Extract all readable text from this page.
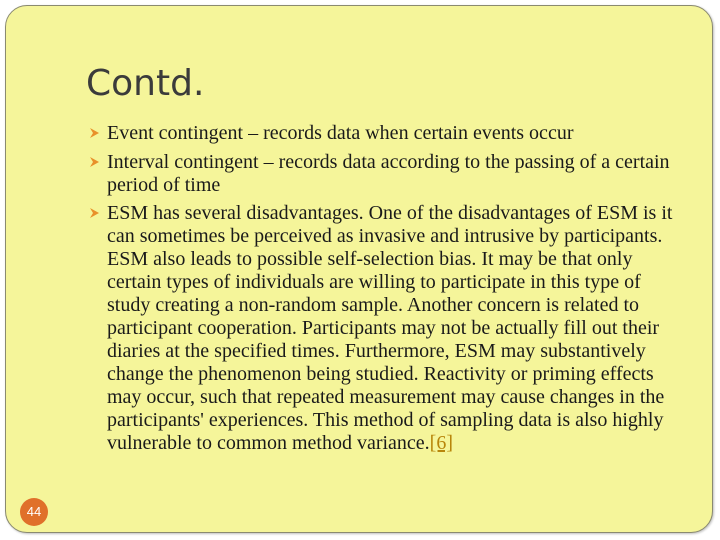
Contd.
Event contingent – records data when certain events occur
Interval contingent – records data according to the passing of a certain period of time
ESM has several disadvantages. One of the disadvantages of ESM is it can sometimes be perceived as invasive and intrusive by participants. ESM also leads to possible self-selection bias. It may be that only certain types of individuals are willing to participate in this type of study creating a non-random sample. Another concern is related to participant cooperation. Participants may not be actually fill out their diaries at the specified times. Furthermore, ESM may substantively change the phenomenon being studied. Reactivity or priming effects may occur, such that repeated measurement may cause changes in the participants' experiences. This method of sampling data is also highly vulnerable to common method variance.[6]
44
